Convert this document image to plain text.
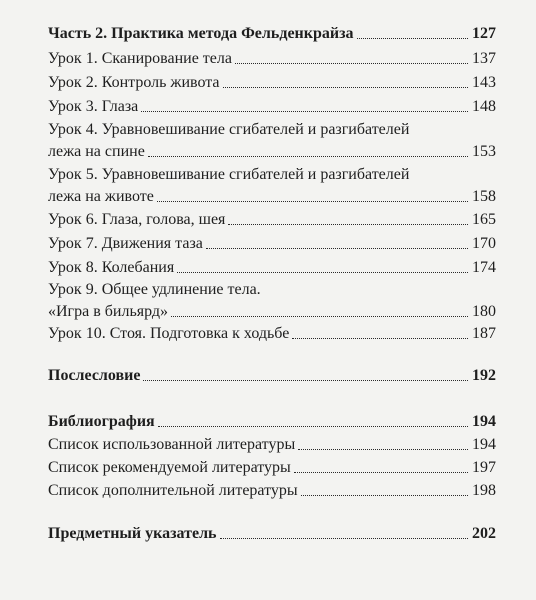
Часть 2. Практика метода Фельденкрайза	127
Урок 1. Сканирование тела	137
Урок 2. Контроль живота	143
Урок 3. Глаза	148
Урок 4. Уравновешивание сгибателей и разгибателей
лежа на спине	153
Урок 5. Уравновешивание сгибателей и разгибателей
лежа на животе	158
Урок 6. Глаза, голова, шея	165
Урок 7. Движения таза	170
Урок 8. Колебания	174
Урок 9. Общее удлинение тела.
«Игра в бильярд»	180
Урок 10. Стоя. Подготовка к ходьбе	187
Послесловие	192
Библиография	194
Список использованной литературы	194
Список рекомендуемой литературы	197
Список дополнительной литературы	198
Предметный указатель	202
